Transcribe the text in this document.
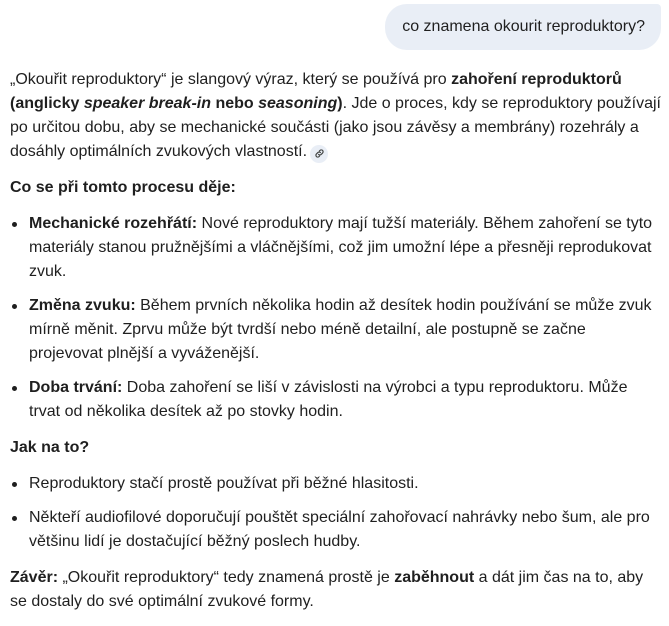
co znamena okourit reproduktory?

„Okouřit reproduktory“ je slangový výraz, který se používá pro zahoření reproduktorů (anglicky speaker break-in nebo seasoning). Jde o proces, kdy se reproduktory používají po určitou dobu, aby se mechanické součásti (jako jsou závěsy a membrány) rozehrály a dosáhly optimálních zvukových vlastností.

Co se při tomto procesu děje:

Mechanické rozehřátí: Nové reproduktory mají tužší materiály. Během zahoření se tyto materiály stanou pružnějšími a vláčnějšími, což jim umožní lépe a přesněji reprodukovat zvuk.
Změna zvuku: Během prvních několika hodin až desítek hodin používání se může zvuk mírně měnit. Zprvu může být tvrdší nebo méně detailní, ale postupně se začne projevovat plnější a vyváženější.
Doba trvání: Doba zahoření se liší v závislosti na výrobci a typu reproduktoru. Může trvat od několika desítek až po stovky hodin.

Jak na to?

Reproduktory stačí prostě používat při běžné hlasitosti.
Někteří audiofilové doporučují pouštět speciální zahořovací nahrávky nebo šum, ale pro většinu lidí je dostačující běžný poslech hudby.

Závěr: „Okouřit reproduktory“ tedy znamená prostě je zaběhnout a dát jim čas na to, aby se dostaly do své optimální zvukové formy.
